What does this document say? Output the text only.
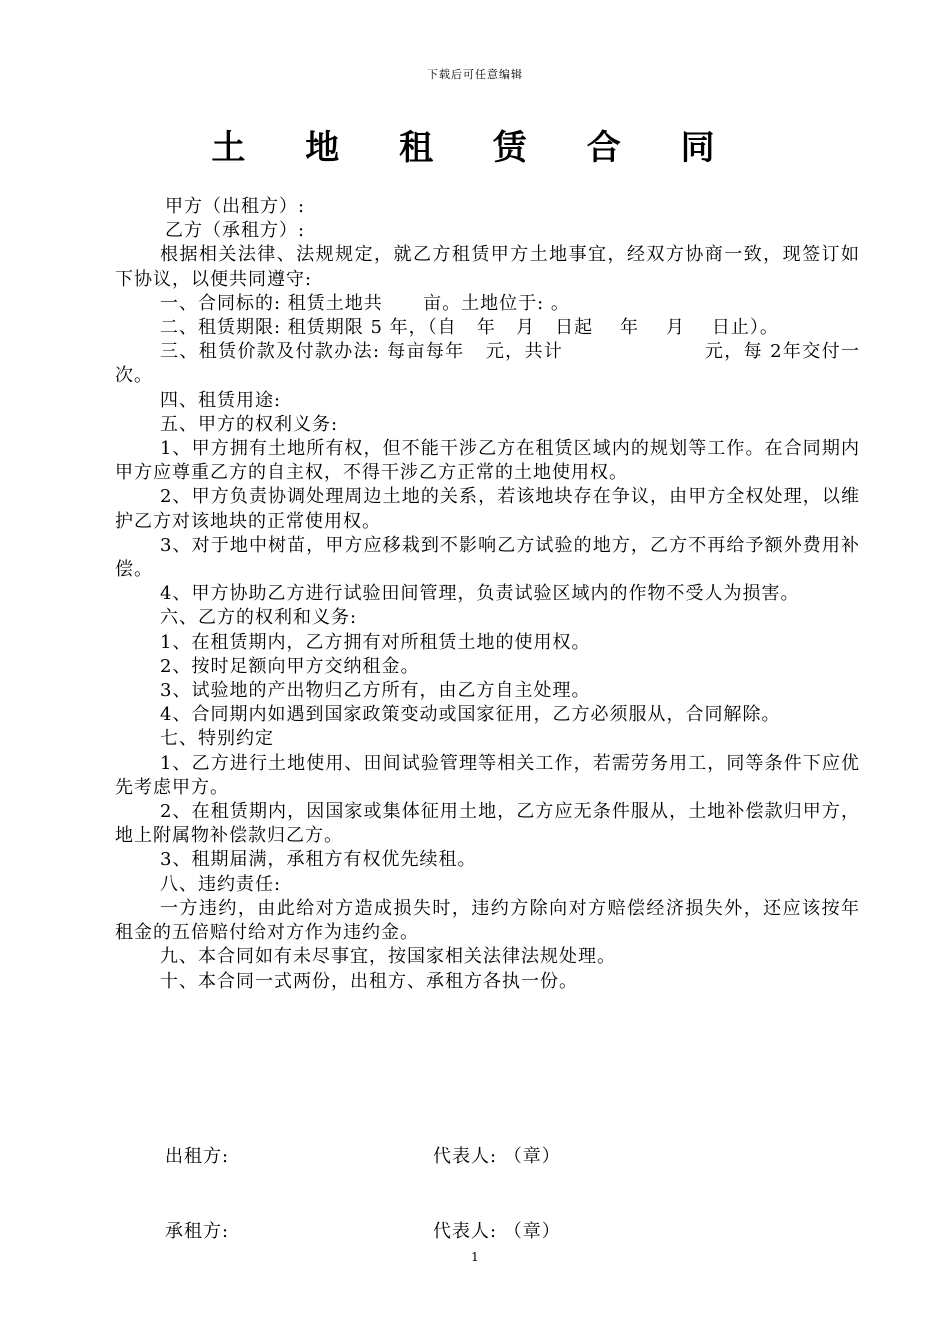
下载后可任意编辑
土 地 租 赁 合 同

甲方（出租方）:

乙方（承租方）:

根据相关法律、法规规定，就乙方租赁甲方土地事宜，经双方协商一致，现签订如下协议，以便共同遵守:

一、合同标的: 租赁土地共      亩。土地位于: 。

二、租赁期限: 租赁期限 5 年，（自   年   月   日起    年    月    日止）。

三、租赁价款及付款办法: 每亩每年   元，共计                    元，每 2年交付一次。

四、租赁用途:

五、甲方的权利义务:

1、甲方拥有土地所有权，但不能干涉乙方在租赁区域内的规划等工作。在合同期内甲方应尊重乙方的自主权，不得干涉乙方正常的土地使用权。

2、甲方负责协调处理周边土地的关系，若该地块存在争议，由甲方全权处理，以维护乙方对该地块的正常使用权。

3、对于地中树苗，甲方应移栽到不影响乙方试验的地方，乙方不再给予额外费用补偿。

4、甲方协助乙方进行试验田间管理，负责试验区域内的作物不受人为损害。

六、乙方的权利和义务:

1、在租赁期内，乙方拥有对所租赁土地的使用权。

2、按时足额向甲方交纳租金。

3、试验地的产出物归乙方所有，由乙方自主处理。

4、合同期内如遇到国家政策变动或国家征用，乙方必须服从，合同解除。

七、特别约定

1、乙方进行土地使用、田间试验管理等相关工作，若需劳务用工，同等条件下应优先考虑甲方。

2、在租赁期内，因国家或集体征用土地，乙方应无条件服从，土地补偿款归甲方，地上附属物补偿款归乙方。

3、租期届满，承租方有权优先续租。

八、违约责任:

一方违约，由此给对方造成损失时，违约方除向对方赔偿经济损失外，还应该按年租金的五倍赔付给对方作为违约金。

九、本合同如有未尽事宜，按国家相关法律法规处理。

十、本合同一式两份，出租方、承租方各执一份。

出租方:

	代表人: （章）

承租方:

	代表人: （章）

1
